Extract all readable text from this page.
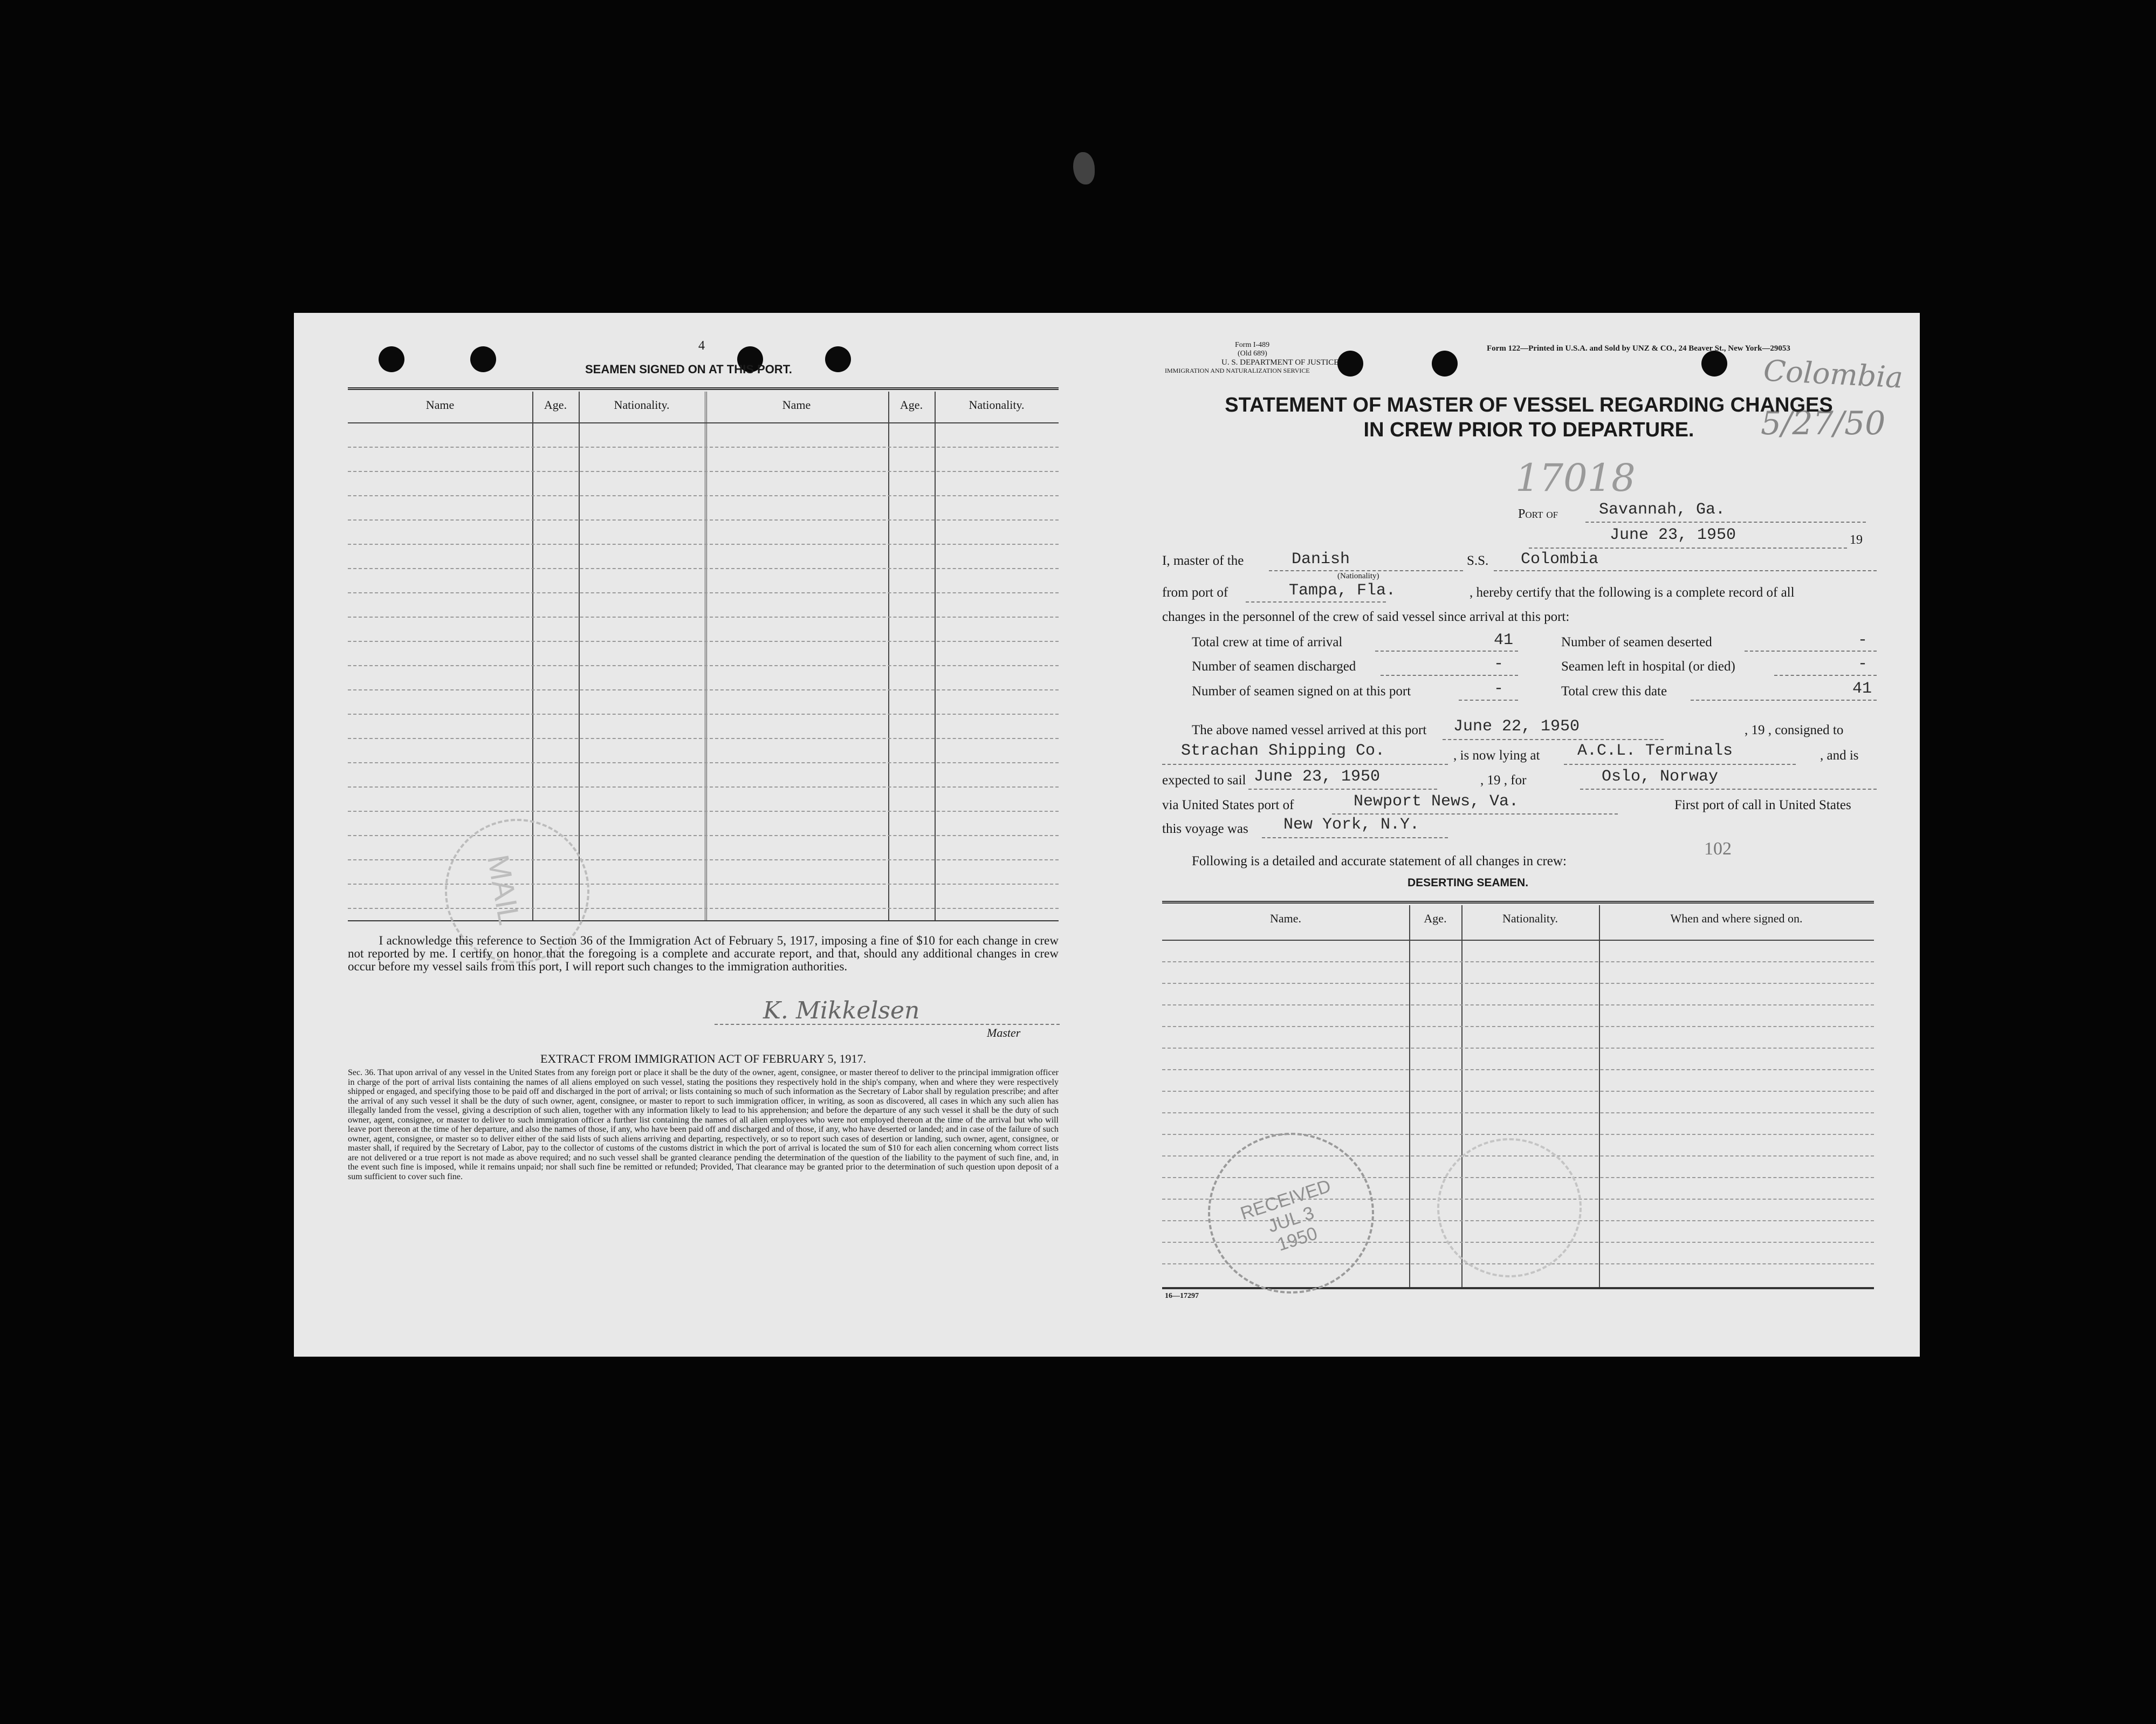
4
SEAMEN SIGNED ON AT THIS PORT.
Name	Age.	Nationality.	Name	Age.	Nationality.
MAIL
I acknowledge this reference to Section 36 of the Immigration Act of February 5, 1917, imposing a fine of $10 for each change in crew not reported by me. I certify on honor that the foregoing is a complete and accurate report, and that, should any additional changes in crew occur before my vessel sails from this port, I will report such changes to the immigration authorities.
K. Mikkelsen
Master
EXTRACT FROM IMMIGRATION ACT OF FEBRUARY 5, 1917.
Sec. 36. That upon arrival of any vessel in the United States from any foreign port or place it shall be the duty of the owner, agent, consignee, or master thereof to deliver to the principal immigration officer in charge of the port of arrival lists containing the names of all aliens employed on such vessel, stating the positions they respectively hold in the ship's company, when and where they were respectively shipped or engaged, and specifying those to be paid off and discharged in the port of arrival; or lists containing so much of such information as the Secretary of Labor shall by regulation prescribe; and after the arrival of any such vessel it shall be the duty of such owner, agent, consignee, or master to report to such immigration officer, in writing, as soon as discovered, all cases in which any such alien has illegally landed from the vessel, giving a description of such alien, together with any information likely to lead to his apprehension; and before the departure of any such vessel it shall be the duty of such owner, agent, consignee, or master to deliver to such immigration officer a further list containing the names of all alien employees who were not employed thereon at the time of the arrival but who will leave port thereon at the time of her departure, and also the names of those, if any, who have been paid off and discharged and of those, if any, who have deserted or landed; and in case of the failure of such owner, agent, consignee, or master so to deliver either of the said lists of such aliens arriving and departing, respectively, or so to report such cases of desertion or landing, such owner, agent, consignee, or master shall, if required by the Secretary of Labor, pay to the collector of customs of the customs district in which the port of arrival is located the sum of $10 for each alien concerning whom correct lists are not delivered or a true report is not made as above required; and no such vessel shall be granted clearance pending the determination of the question of the liability to the payment of such fine, and, in the event such fine is imposed, while it remains unpaid; nor shall such fine be remitted or refunded; Provided, That clearance may be granted prior to the determination of such question upon deposit of a sum sufficient to cover such fine.
Form I-489
(Old 689)
U. S. DEPARTMENT OF JUSTICE
IMMIGRATION AND NATURALIZATION SERVICE
Form 122—Printed in U.S.A. and Sold by UNZ & CO., 24 Beaver St., New York—29053
Colombia
5/27/50
STATEMENT OF MASTER OF VESSEL REGARDING CHANGES
IN CREW PRIOR TO DEPARTURE.
17018
Port of	Savannah, Ga.
June 23, 1950	19
I, master of the	Danish
(Nationality)
S.S. Colombia
from port of	Tampa, Fla.	, hereby certify that the following is a complete record of all
changes in the personnel of the crew of said vessel since arrival at this port:
Total crew at time of arrival	41	Number of seamen deserted	-
Number of seamen discharged	-	Seamen left in hospital (or died)	-
Number of seamen signed on at this port	-	Total crew this date	41
The above named vessel arrived at this port June 22, 1950	, 19 , consigned to
Strachan Shipping Co.	, is now lying at A.C.L. Terminals	, and is
expected to sail June 23, 1950	, 19 , for	Oslo, Norway
via United States port of	Newport News, Va.	First port of call in United States
this voyage was New York, N.Y.
102
Following is a detailed and accurate statement of all changes in crew:
DESERTING SEAMEN.
Name.	Age.	Nationality.	When and where signed on.
RECEIVED JUL 3 1950
16—17297
